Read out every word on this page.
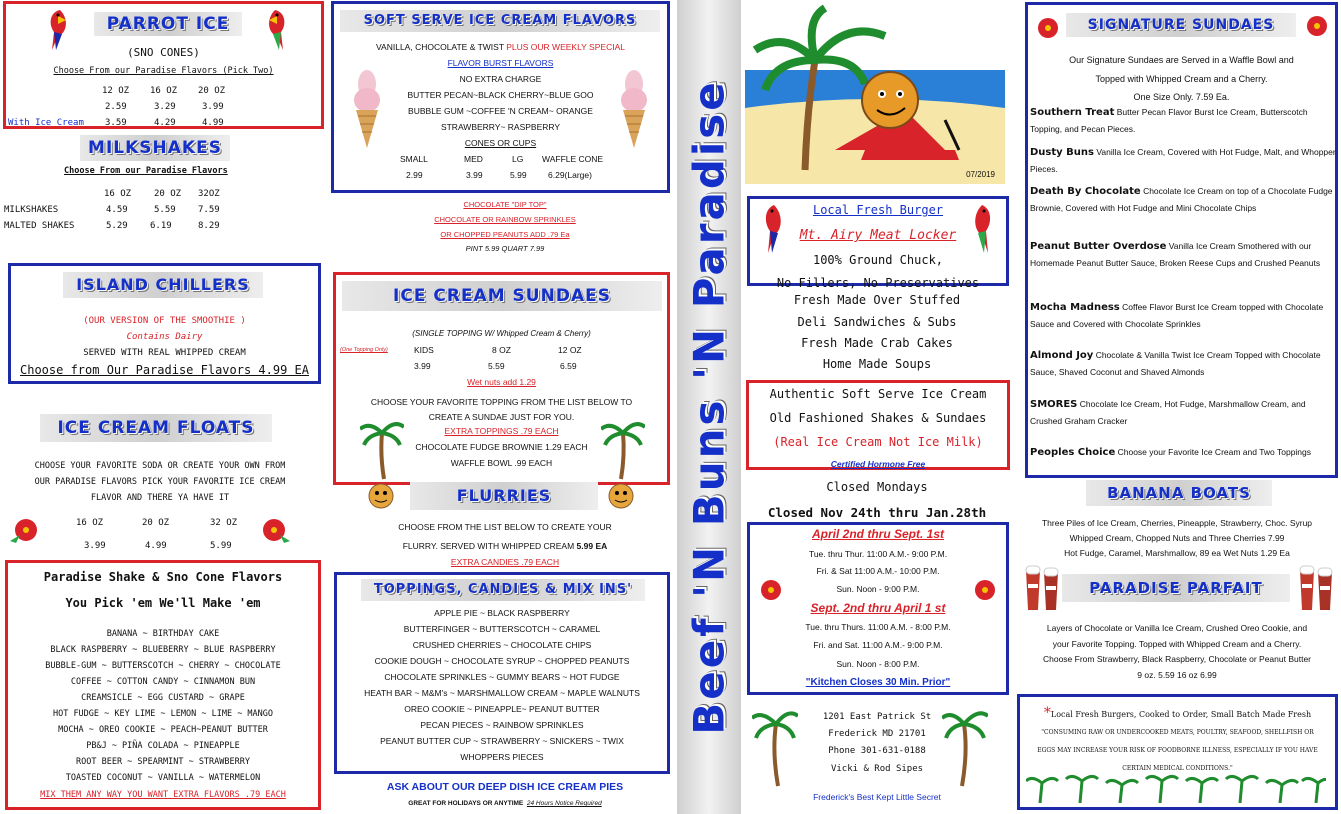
PARROT ICE
(SNO CONES)
Choose From our Paradise Flavors (Pick Two)
12 OZ 16 OZ 20 OZ
2.59	3.29	3.99
With Ice Cream 3.59	4.29	4.99
MILKSHAKES
Choose From our Paradise Flavors
16 OZ	20 OZ 32OZ
MILKSHAKES	4.59	5.59 7.59
MALTED SHAKES	5.29 6.19	8.29
ISLAND CHILLERS
(OUR VERSION OF THE SMOOTHIE )
Contains Dairy
SERVED WITH REAL WHIPPED CREAM
Choose from Our Paradise Flavors 4.99 EA
ICE CREAM FLOATS
CHOOSE YOUR FAVORITE SODA OR CREATE YOUR OWN FROM
OUR PARADISE FLAVORS PICK YOUR FAVORITE ICE CREAM
FLAVOR AND THERE YA HAVE IT
16 OZ	20 OZ	32 OZ
3.99	4.99	5.99
Paradise Shake & Sno Cone Flavors
You Pick 'em We'll Make 'em
BANANA ~ BIRTHDAY CAKE
BLACK RASPBERRY ~ BLUEBERRY ~ BLUE RASPBERRY
BUBBLE-GUM ~ BUTTERSCOTCH ~ CHERRY ~ CHOCOLATE
COFFEE ~ COTTON CANDY ~ CINNAMON BUN
CREAMSICLE ~ EGG CUSTARD ~ GRAPE
HOT FUDGE ~ KEY LIME ~ LEMON ~ LIME ~ MANGO
MOCHA ~ OREO COOKIE ~ PEACH~PEANUT BUTTER
PB&J ~ PIÑA COLADA ~ PINEAPPLE
ROOT BEER ~ SPEARMINT ~ STRAWBERRY
TOASTED COCONUT ~ VANILLA ~ WATERMELON
MIX THEM ANY WAY YOU WANT EXTRA FLAVORS .79 EACH
SOFT SERVE ICE CREAM FLAVORS
VANILLA, CHOCOLATE & TWIST PLUS OUR WEEKLY SPECIAL
FLAVOR BURST FLAVORS
NO EXTRA CHARGE
BUTTER PECAN~BLACK CHERRY~BLUE GOO
BUBBLE GUM ~COFFEE 'N CREAM~ ORANGE
STRAWBERRY~ RASPBERRY
CONES OR CUPS
SMALL	MED	LG WAFFLE CONE
2.99	3.99	5.99	6.29(Large)
CHOCOLATE "DIP TOP"
CHOCOLATE OR RAINBOW SPRINKLES
OR CHOPPED PEANUTS ADD .79 Ea
PINT 5.99 QUART 7.99
ICE CREAM SUNDAES
(SINGLE TOPPING W/ Whipped Cream & Cherry)
(One Topping Only)	KIDS	8 OZ	12 OZ
3.99	5.59	6.59
Wet nuts add 1.29
CHOOSE YOUR FAVORITE TOPPING FROM THE LIST BELOW TO
CREATE A SUNDAE JUST FOR YOU.
EXTRA TOPPINGS .79 EACH
CHOCOLATE FUDGE BROWNIE 1.29 EACH
WAFFLE BOWL .99 EACH
FLURRIES
CHOOSE FROM THE LIST BELOW TO CREATE YOUR
FLURRY. SERVED WITH WHIPPED CREAM 5.99 EA
EXTRA CANDIES .79 EACH
TOPPINGS, CANDIES & MIX INS'
APPLE PIE ~ BLACK RASPBERRY
BUTTERFINGER ~ BUTTERSCOTCH ~ CARAMEL
CRUSHED CHERRIES ~ CHOCOLATE CHIPS
COOKIE DOUGH ~ CHOCOLATE SYRUP ~ CHOPPED PEANUTS
CHOCOLATE SPRINKLES ~ GUMMY BEARS ~ HOT FUDGE
HEATH BAR ~ M&M's ~ MARSHMALLOW CREAM ~ MAPLE WALNUTS
OREO COOKIE ~ PINEAPPLE~ PEANUT BUTTER
PECAN PIECES ~ RAINBOW SPRINKLES
PEANUT BUTTER CUP ~ STRAWBERRY ~ SNICKERS ~ TWIX
WHOPPERS PIECES
ASK ABOUT OUR DEEP DISH ICE CREAM PIES
GREAT FOR HOLIDAYS OR ANYTIME 24 Hours Notice Required
Beef 'N Buns 'N Paradise	07/2019
Local Fresh Burger
Mt. Airy Meat Locker
100% Ground Chuck,
No Fillers, No Preservatives
Fresh Made Over Stuffed
Deli Sandwiches & Subs
Fresh Made Crab Cakes
Home Made Soups
Authentic Soft Serve Ice Cream
Old Fashioned Shakes & Sundaes
(Real Ice Cream Not Ice Milk)
Certified Hormone Free
Closed Mondays
Closed Nov 24th thru Jan.28th
April 2nd thru Sept. 1st
Tue. thru Thur. 11:00 A.M.- 9:00 P.M.
Fri. & Sat 11:00 A.M.- 10:00 P.M.
Sun. Noon - 9:00 P.M.
Sept. 2nd thru April 1 st
Tue. thru Thurs. 11:00 A.M. - 8:00 P.M.
Fri. and Sat. 11:00 A.M.- 9:00 P.M.
Sun. Noon - 8:00 P.M.
"Kitchen Closes 30 Min. Prior"
1201 East Patrick St
Frederick MD 21701
Phone 301-631-0188
Vicki & Rod Sipes
Frederick's Best Kept Little Secret
SIGNATURE SUNDAES
Our Signature Sundaes are Served in a Waffle Bowl and
Topped with Whipped Cream and a Cherry.
One Size Only. 7.59 Ea.
Southern Treat Butter Pecan Flavor Burst Ice Cream, Butterscotch Topping, and Pecan Pieces.
Dusty Buns Vanilla Ice Cream, Covered with Hot Fudge, Malt, and Whopper Pieces.
Death By Chocolate Chocolate Ice Cream on top of a Chocolate Fudge Brownie, Covered with Hot Fudge and Mini Chocolate Chips
Peanut Butter Overdose Vanilla Ice Cream Smothered with our Homemade Peanut Butter Sauce, Broken Reese Cups and Crushed Peanuts
Mocha Madness Coffee Flavor Burst Ice Cream topped with Chocolate Sauce and Covered with Chocolate Sprinkles
Almond Joy Chocolate & Vanilla Twist Ice Cream Topped with Chocolate Sauce, Shaved Coconut and Shaved Almonds
SMORES Chocolate Ice Cream, Hot Fudge, Marshmallow Cream, and Crushed Graham Cracker
Peoples Choice Choose your Favorite Ice Cream and Two Toppings
BANANA BOATS
Three Piles of Ice Cream, Cherries, Pineapple, Strawberry, Choc. Syrup
Whipped Cream, Chopped Nuts and Three Cherries 7.99
Hot Fudge, Caramel, Marshmallow, 89 ea Wet Nuts 1.29 Ea
PARADISE PARFAIT
Layers of Chocolate or Vanilla Ice Cream, Crushed Oreo Cookie, and
your Favorite Topping. Topped with Whipped Cream and a Cherry.
Choose From Strawberry, Black Raspberry, Chocolate or Peanut Butter
9 oz. 5.59 16 oz 6.99
*Local Fresh Burgers, Cooked to Order, Small Batch Made Fresh
"CONSUMING RAW OR UNDERCOOKED MEATS, POULTRY, SEAFOOD, SHELLFISH OR
EGGS MAY INCREASE YOUR RISK OF FOODBORNE ILLNESS, ESPECIALLY IF YOU HAVE
CERTAIN MEDICAL CONDITIONS."
